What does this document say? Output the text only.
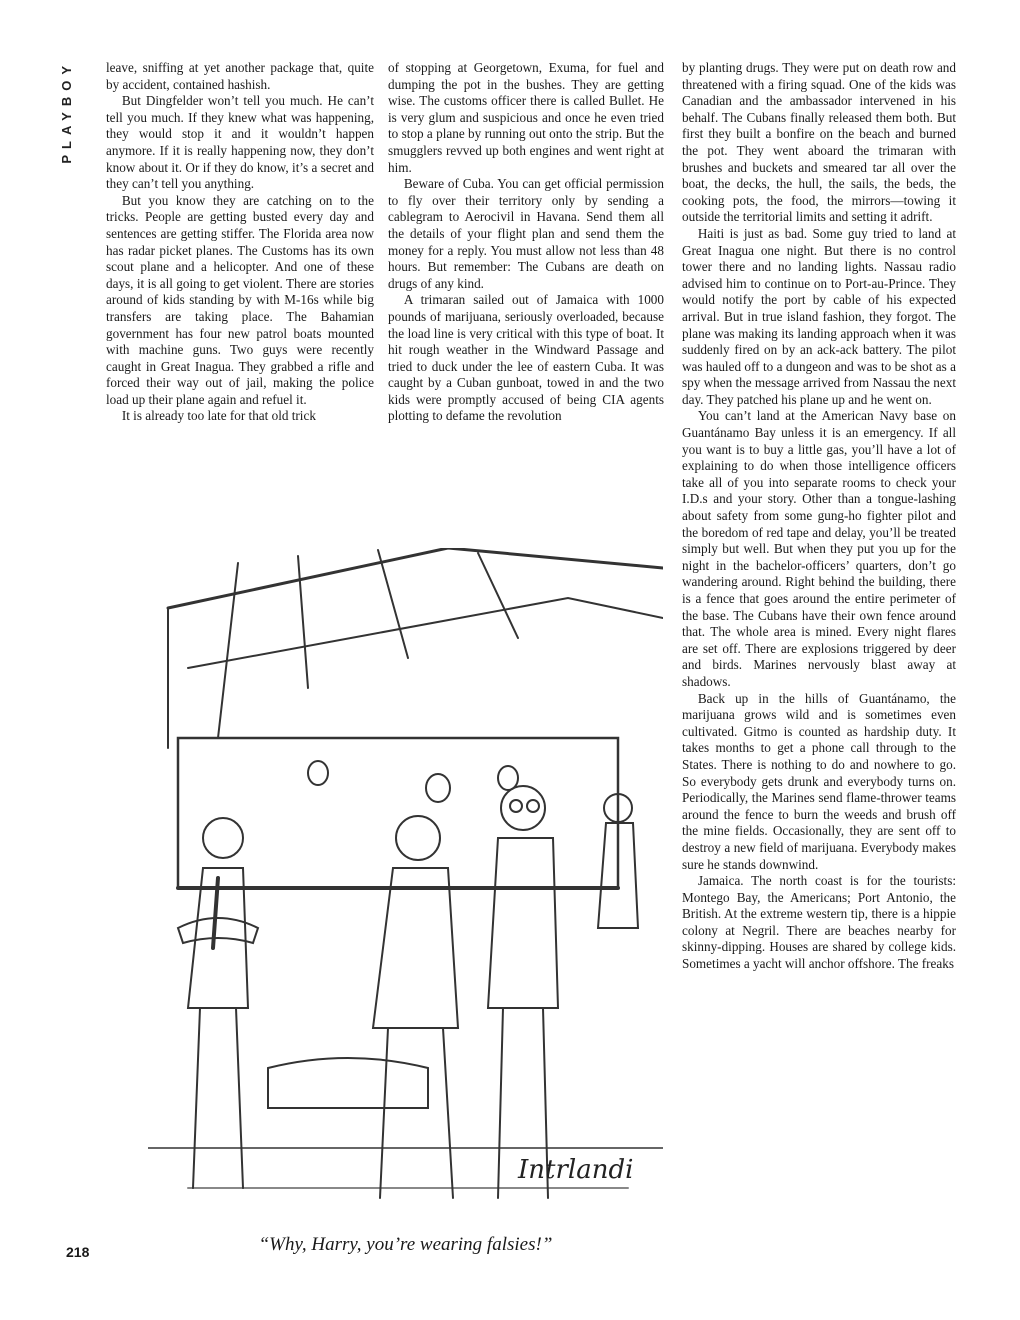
PLAYBOY	leave, sniffing at yet another package that, quite by accident, contained hashish.

But Dingfelder won’t tell you much. He can’t tell you much. If they knew what was happening, they would stop it and it wouldn’t happen anymore. If it is really happening now, they don’t know about it. Or if they do know, it’s a secret and they can’t tell you anything.

But you know they are catching on to the tricks. People are getting busted every day and sentences are getting stiffer. The Florida area now has radar picket planes. The Customs has its own scout plane and a helicopter. And one of these days, it is all going to get violent. There are stories around of kids standing by with M-16s while big transfers are taking place. The Bahamian government has four new patrol boats mounted with machine guns. Two guys were recently caught in Great Inagua. They grabbed a rifle and forced their way out of jail, making the police load up their plane again and refuel it.

It is already too late for that old trick

of stopping at Georgetown, Exuma, for fuel and dumping the pot in the bushes. They are getting wise. The customs officer there is called Bullet. He is very glum and suspicious and once he even tried to stop a plane by running out onto the strip. But the smugglers revved up both engines and went right at him.

Beware of Cuba. You can get official permission to fly over their territory only by sending a cablegram to Aerocivil in Havana. Send them all the details of your flight plan and send them the money for a reply. You must allow not less than 48 hours. But remember: The Cubans are death on drugs of any kind.

A trimaran sailed out of Jamaica with 1000 pounds of marijuana, seriously overloaded, because the load line is very critical with this type of boat. It hit rough weather in the Windward Passage and tried to duck under the lee of eastern Cuba. It was caught by a Cuban gunboat, towed in and the two kids were promptly accused of being CIA agents plotting to defame the revolution

by planting drugs. They were put on death row and threatened with a firing squad. One of the kids was Canadian and the ambassador intervened in his behalf. The Cubans finally released them both. But first they built a bonfire on the beach and burned the pot. They went aboard the trimaran with brushes and buckets and smeared tar all over the boat, the decks, the hull, the sails, the beds, the cooking pots, the food, the mirrors—towing it outside the territorial limits and setting it adrift.

Haiti is just as bad. Some guy tried to land at Great Inagua one night. But there is no control tower there and no landing lights. Nassau radio advised him to continue on to Port-au-Prince. They would notify the port by cable of his expected arrival. But in true island fashion, they forgot. The plane was making its landing approach when it was suddenly fired on by an ack-ack battery. The pilot was hauled off to a dungeon and was to be shot as a spy when the message arrived from Nassau the next day. They patched his plane up and he went on.

You can’t land at the American Navy base on Guantánamo Bay unless it is an emergency. If all you want is to buy a little gas, you’ll have a lot of explaining to do when those intelligence officers take all of you into separate rooms to check your I.D.s and your story. Other than a tongue-lashing about safety from some gung-ho fighter pilot and the boredom of red tape and delay, you’ll be treated simply but well. But when they put you up for the night in the bachelor-officers’ quarters, don’t go wandering around. Right behind the building, there is a fence that goes around the entire perimeter of the base. The Cubans have their own fence around that. The whole area is mined. Every night flares are set off. There are explosions triggered by deer and birds. Marines nervously blast away at shadows.

Back up in the hills of Guantánamo, the marijuana grows wild and is sometimes even cultivated. Gitmo is counted as hardship duty. It takes months to get a phone call through to the States. There is nothing to do and nowhere to go. So everybody gets drunk and everybody turns on. Periodically, the Marines send flame-thrower teams around the fence to burn the weeds and brush off the mine fields. Occasionally, they are sent off to destroy a new field of marijuana. Everybody makes sure he stands downwind.

Jamaica. The north coast is for the tourists: Montego Bay, the Americans; Port Antonio, the British. At the extreme western tip, there is a hippie colony at Negril. There are beaches nearby for skinny-dipping. Houses are shared by college kids. Sometimes a yacht will anchor offshore. The freaks

Intrlandi
“Why, Harry, you’re wearing falsies!”
218
